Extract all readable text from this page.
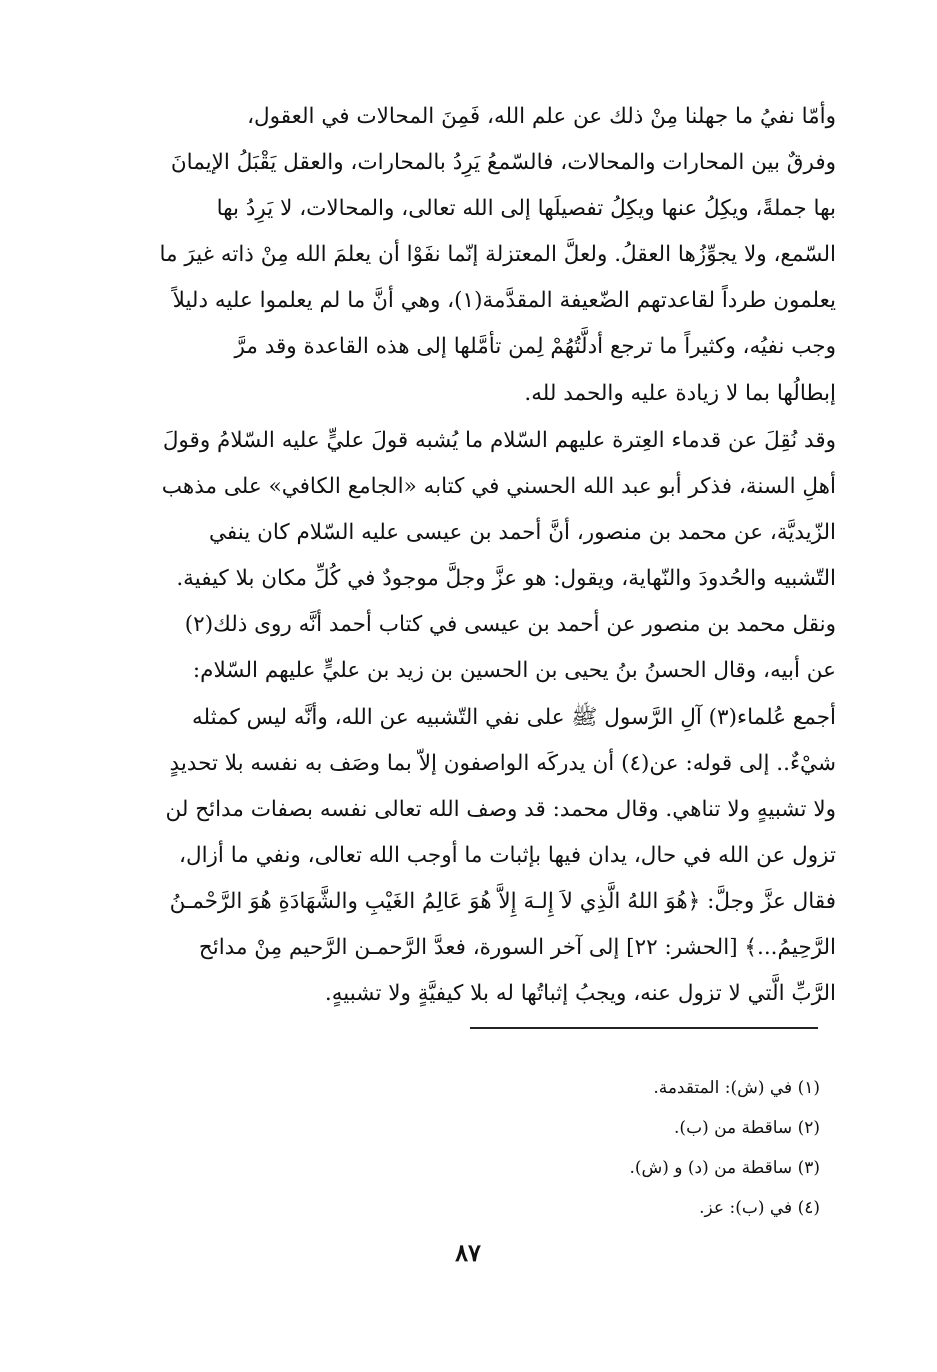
وأمّا نفيُ ما جهلنا مِنْ ذلك عن علم الله، فَمِنَ المحالات في العقول،
وفرقٌ بين المحارات والمحالات، فالسّمعُ يَرِدُ بالمحارات، والعقل يَقْبَلُ الإيمانَ
بها جملةً، ويكِلُ عنها ويكِلُ تفصيلَها إلى الله تعالى، والمحالات، لا يَرِدُ بها
السّمع، ولا يجوِّزُها العقلُ. ولعلَّ المعتزلة إنّما نفَوْا أن يعلمَ الله مِنْ ذاته غيرَ ما
يعلمون طرداً لقاعدتهم الضّعيفة المقدَّمة(١)، وهي أنَّ ما لم يعلموا عليه دليلاً
وجب نفيُه، وكثيراً ما ترجع أدلَّتُهُمْ لِمن تأمَّلها إلى هذه القاعدة وقد مرَّ
إبطالُها بما لا زيادة عليه والحمد لله.
وقد نُقِلَ عن قدماء العِترة عليهم السّلام ما يُشبه قولَ عليٍّ عليه السّلامُ وقولَ
أهلِ السنة، فذكر أبو عبد الله الحسني في كتابه «الجامع الكافي» على مذهب
الزّيديَّة، عن محمد بن منصور، أنَّ أحمد بن عيسى عليه السّلام كان ينفي
التّشبيه والحُدودَ والنّهاية، ويقول: هو عزَّ وجلَّ موجودٌ في كُلِّ مكان بلا كيفية.
ونقل محمد بن منصور عن أحمد بن عيسى في كتاب أحمد أنَّه روى ذلك(٢)
عن أبيه، وقال الحسنُ بنُ يحيى بن الحسين بن زيد بن عليٍّ عليهم السّلام:
أجمع عُلماء(٣) آلِ الرَّسول ﷺ على نفي التّشبيه عن الله، وأنَّه ليس كمثله
شيْءٌ.. إلى قوله: عن(٤) أن يدركَه الواصفون إلاّ بما وصَف به نفسه بلا تحديدٍ
ولا تشبيهٍ ولا تناهي. وقال محمد: قد وصف الله تعالى نفسه بصفات مدائح لن
تزول عن الله في حال، يدان فيها بإثبات ما أوجب الله تعالى، ونفي ما أزال،
فقال عزَّ وجلَّ: ﴿هُوَ اللهُ الَّذِي لاَ إِلـهَ إِلاَّ هُوَ عَالِمُ الغَيْبِ والشَّهَادَةِ هُوَ الرَّحْمـنُ
الرَّحِيمُ...﴾ [الحشر: ٢٢] إلى آخر السورة، فعدَّ الرَّحمـن الرَّحيم مِنْ مدائح
الرَّبِّ الَّتي لا تزول عنه، ويجبُ إثباتُها له بلا كيفيَّةٍ ولا تشبيهٍ.
(١) في (ش): المتقدمة.
(٢) ساقطة من (ب).
(٣) ساقطة من (د) و (ش).
(٤) في (ب): عز.
٨٧
